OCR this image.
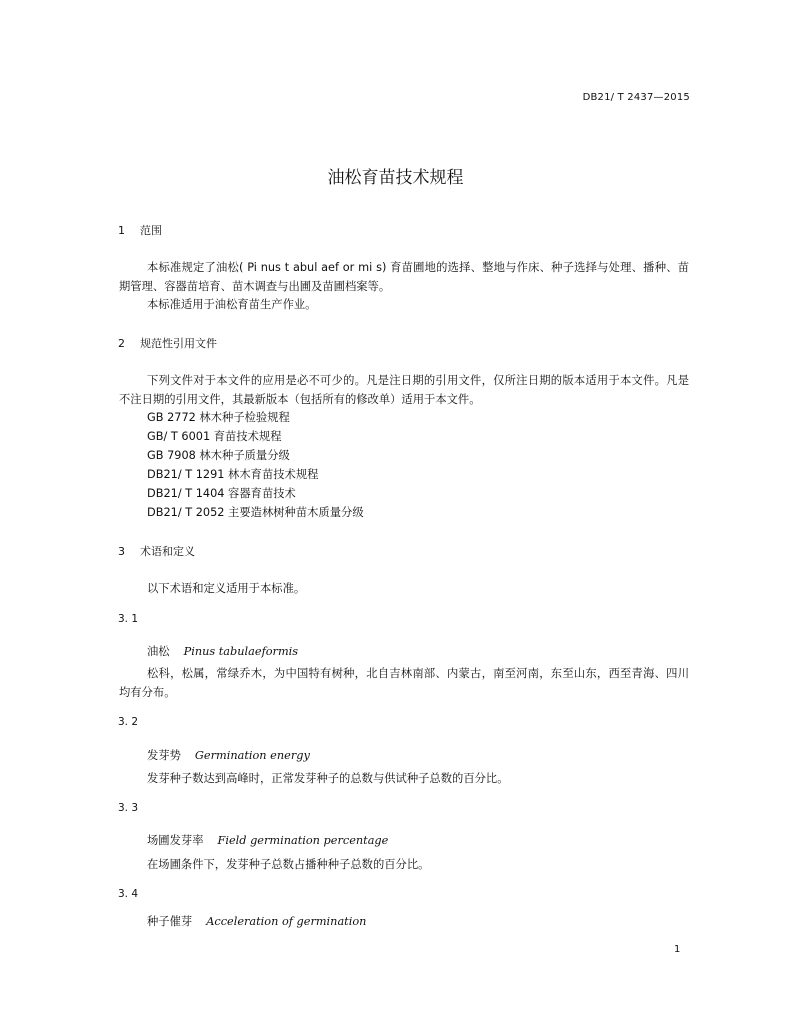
DB21/ T 2437—2015
油松育苗技术规程
1 范围
本标准规定了油松( Pi nus t abul aef or mi s) 育苗圃地的选择、整地与作床、种子选择与处理、播种、苗期管理、容器苗培育、苗木调查与出圃及苗圃档案等。
本标准适用于油松育苗生产作业。
2 规范性引用文件
下列文件对于本文件的应用是必不可少的。凡是注日期的引用文件，仅所注日期的版本适用于本文件。凡是不注日期的引用文件，其最新版本（包括所有的修改单）适用于本文件。
GB 2772 林木种子检验规程
GB/ T 6001 育苗技术规程
GB 7908 林木种子质量分级
DB21/ T 1291 林木育苗技术规程
DB21/ T 1404 容器育苗技术
DB21/ T 2052 主要造林树种苗木质量分级
3 术语和定义
以下术语和定义适用于本标准。
3. 1
油松 Pinus tabulaeformis
松科，松属，常绿乔木，为中国特有树种，北自吉林南部、内蒙古，南至河南，东至山东，西至青海、四川均有分布。
3. 2
发芽势 Germination energy
发芽种子数达到高峰时，正常发芽种子的总数与供试种子总数的百分比。
3. 3
场圃发芽率 Field germination percentage
在场圃条件下，发芽种子总数占播种种子总数的百分比。
3. 4
种子催芽 Acceleration of germination
1
